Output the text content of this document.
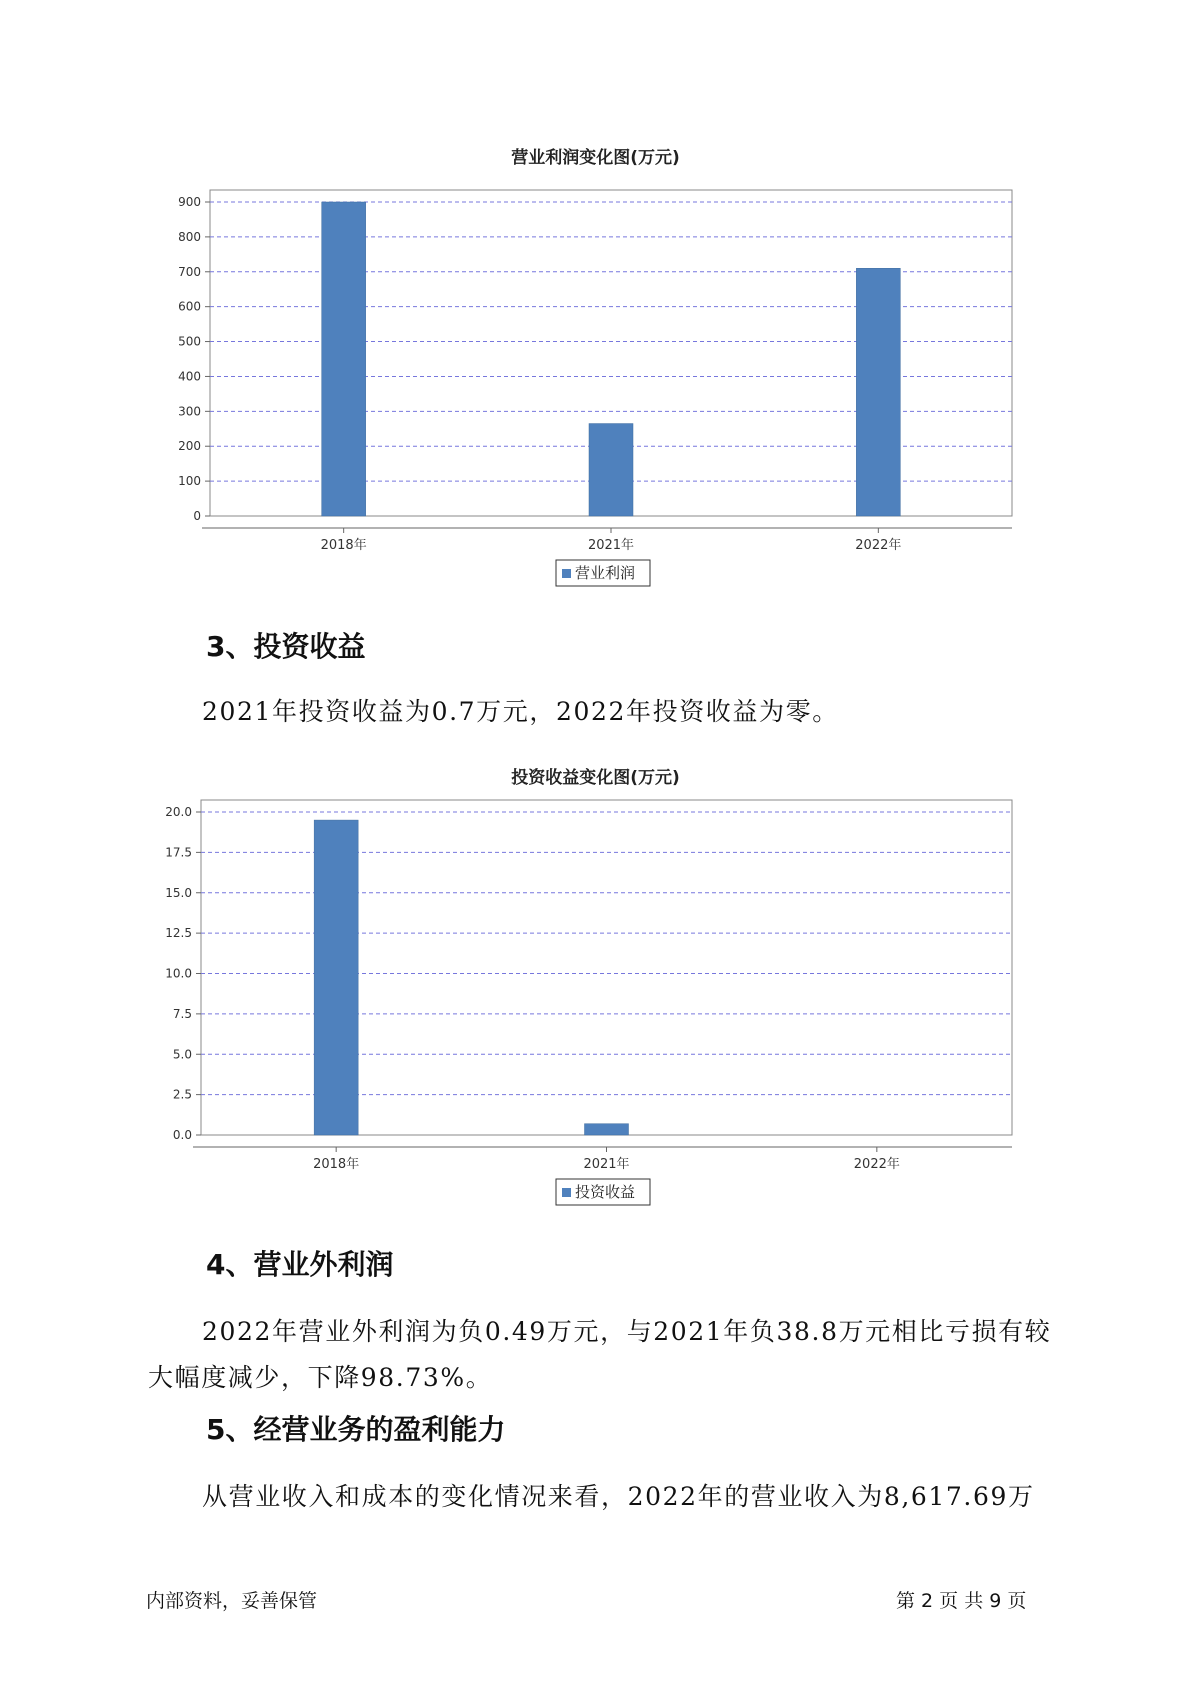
营业利润变化图(万元)
0
100
200
300
400
500
600
700
800
900
2018年	2021年	2022年
营业利润
3、投资收益
2021年投资收益为0.7万元，2022年投资收益为零。
投资收益变化图(万元)
0.0
2.5
5.0
7.5
10.0
12.5
15.0
17.5
20.0
2018年	2021年	2022年
投资收益
4、营业外利润
2022年营业外利润为负0.49万元，与2021年负38.8万元相比亏损有较
大幅度减少，下降98.73%。
5、经营业务的盈利能力
从营业收入和成本的变化情况来看，2022年的营业收入为8,617.69万
内部资料，妥善保管	第 2 页 共 9 页
